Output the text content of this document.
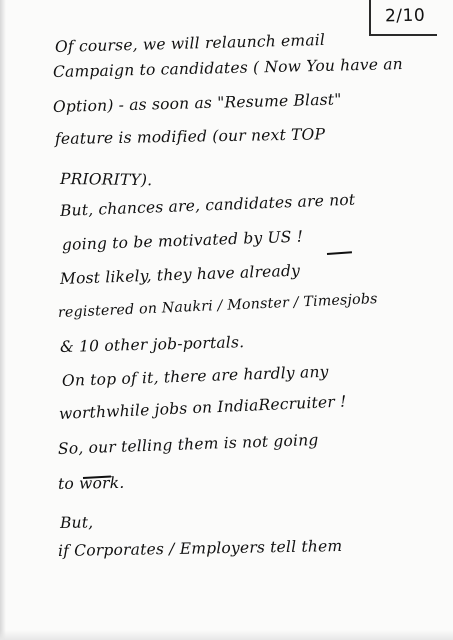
2/10

Of course, we will relaunch email

Campaign to candidates ( Now You have an

Option) - as soon as "Resume Blast"

feature is modified (our next TOP

PRIORITY).

But, chances are, candidates are not

going to be motivated by US !

Most likely, they have already

registered on Naukri / Monster / Timesjobs

& 10 other job-portals.

On top of it, there are hardly any

worthwhile jobs on IndiaRecruiter !

So, our telling them is not going

to work.

But,

if Corporates / Employers tell them
